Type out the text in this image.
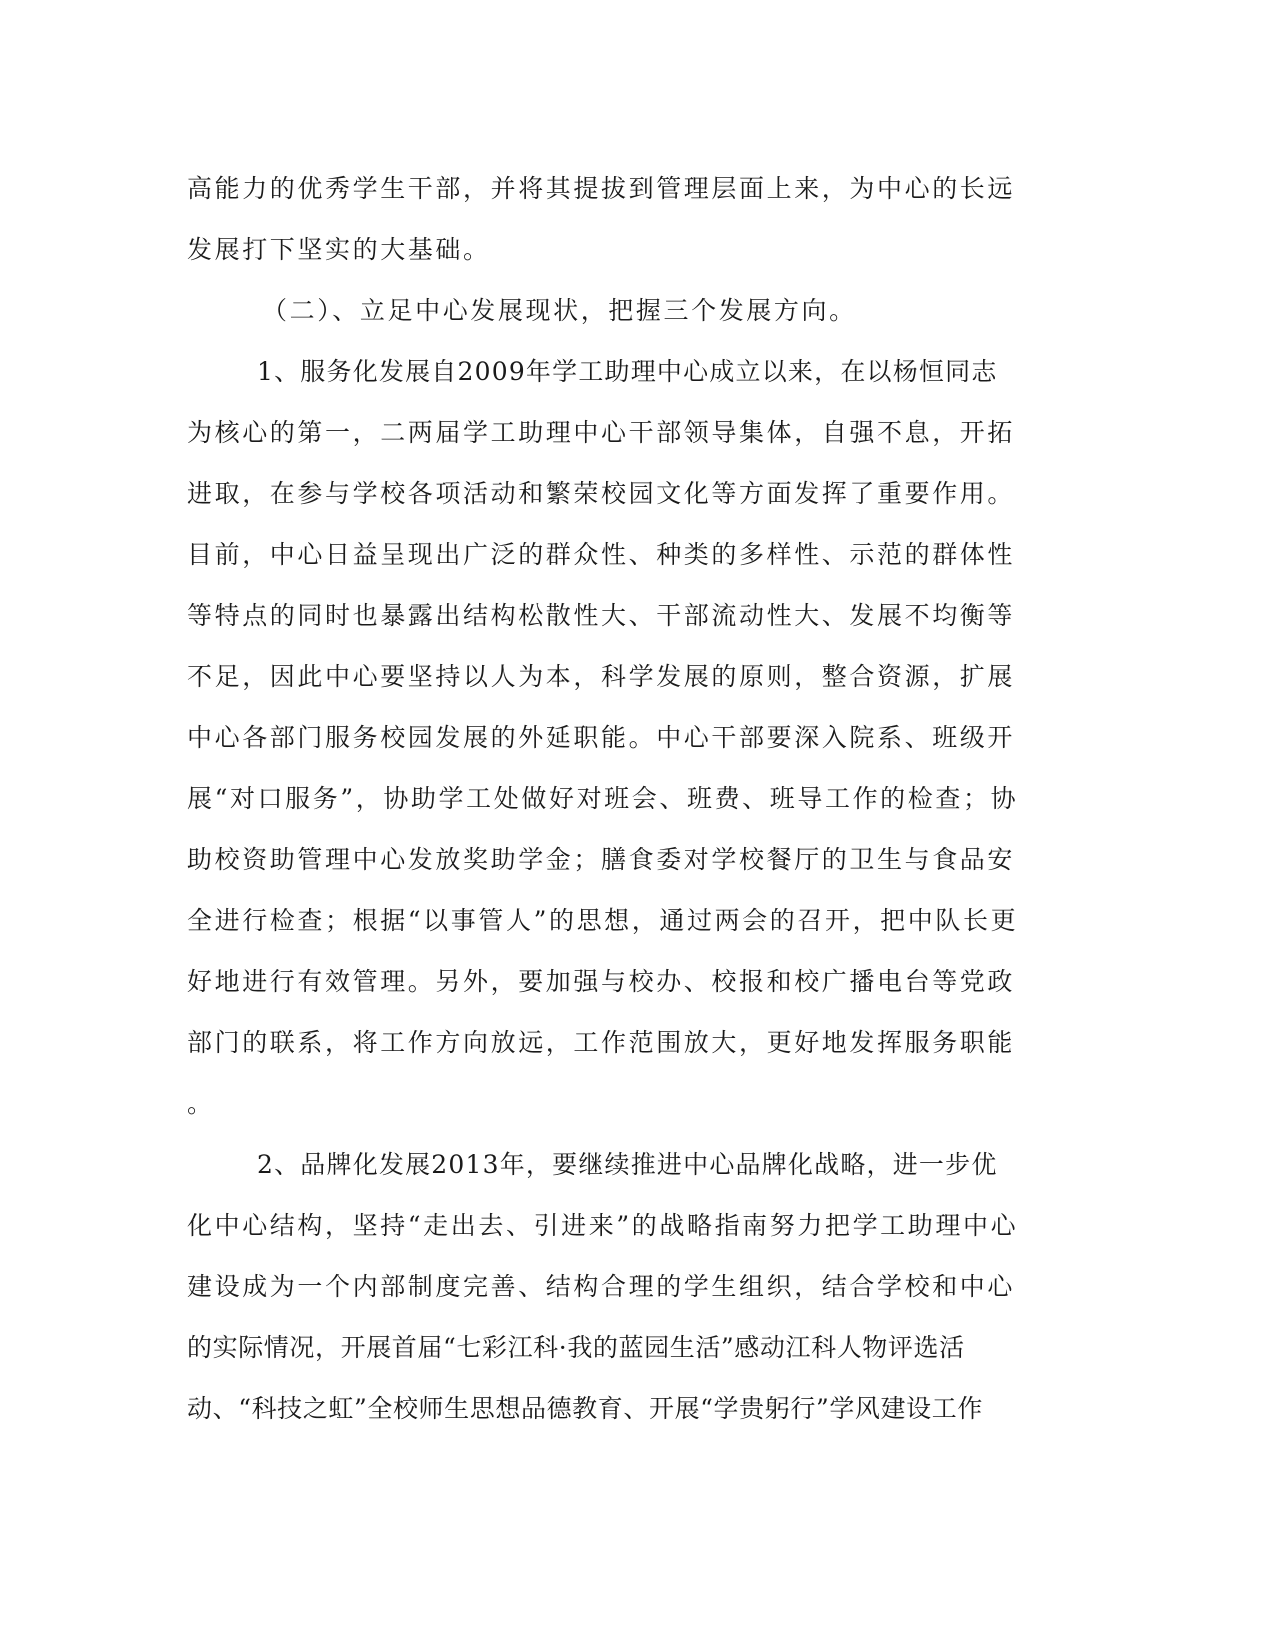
高能力的优秀学生干部，并将其提拔到管理层面上来，为中心的长远
发展打下坚实的大基础。
（二）、立足中心发展现状，把握三个发展方向。
1、服务化发展自2009年学工助理中心成立以来，在以杨恒同志
为核心的第一，二两届学工助理中心干部领导集体，自强不息，开拓
进取，在参与学校各项活动和繁荣校园文化等方面发挥了重要作用。
目前，中心日益呈现出广泛的群众性、种类的多样性、示范的群体性
等特点的同时也暴露出结构松散性大、干部流动性大、发展不均衡等
不足，因此中心要坚持以人为本，科学发展的原则，整合资源，扩展
中心各部门服务校园发展的外延职能。中心干部要深入院系、班级开
展“对口服务”，协助学工处做好对班会、班费、班导工作的检查；协
助校资助管理中心发放奖助学金；膳食委对学校餐厅的卫生与食品安
全进行检查；根据“以事管人”的思想，通过两会的召开，把中队长更
好地进行有效管理。另外，要加强与校办、校报和校广播电台等党政
部门的联系，将工作方向放远，工作范围放大，更好地发挥服务职能
。
2、品牌化发展2013年，要继续推进中心品牌化战略，进一步优
化中心结构，坚持“走出去、引进来”的战略指南努力把学工助理中心
建设成为一个内部制度完善、结构合理的学生组织，结合学校和中心
的实际情况，开展首届“七彩江科·我的蓝园生活”感动江科人物评选活
动、“科技之虹”全校师生思想品德教育、开展“学贵躬行”学风建设工作
